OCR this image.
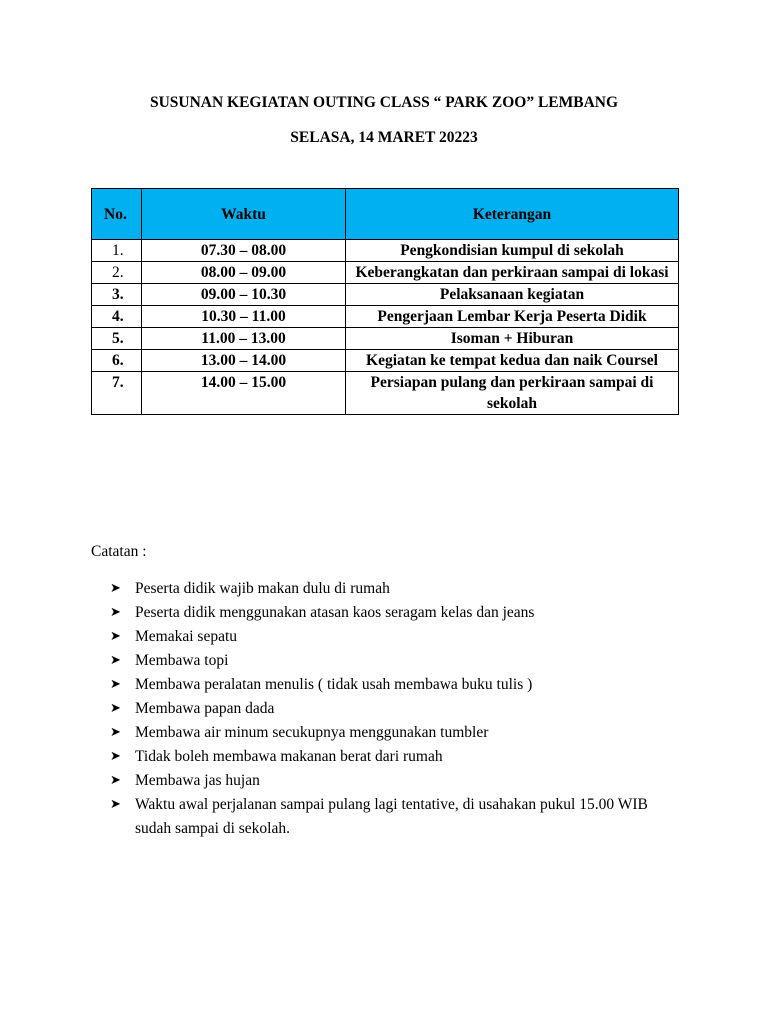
SUSUNAN KEGIATAN OUTING CLASS “ PARK ZOO” LEMBANG
SELASA, 14 MARET 20223
No.	Waktu	Keterangan
1.	07.30 – 08.00	Pengkondisian kumpul di sekolah
2.	08.00 – 09.00	Keberangkatan dan perkiraan sampai di lokasi
3.	09.00 – 10.30	Pelaksanaan kegiatan
4.	10.30 – 11.00	Pengerjaan Lembar Kerja Peserta Didik
5.	11.00 – 13.00	Isoman + Hiburan
6.	13.00 – 14.00	Kegiatan ke tempat kedua dan naik Coursel
7.	14.00 – 15.00	Persiapan pulang dan perkiraan sampai di sekolah
Catatan :
➤ Peserta didik wajib makan dulu di rumah
➤ Peserta didik menggunakan atasan kaos seragam kelas dan jeans
➤ Memakai sepatu
➤ Membawa topi
➤ Membawa peralatan menulis ( tidak usah membawa buku tulis )
➤ Membawa papan dada
➤ Membawa air minum secukupnya menggunakan tumbler
➤ Tidak boleh membawa makanan berat dari rumah
➤ Membawa jas hujan
➤ Waktu awal perjalanan sampai pulang lagi tentative, di usahakan pukul 15.00 WIB sudah sampai di sekolah.
